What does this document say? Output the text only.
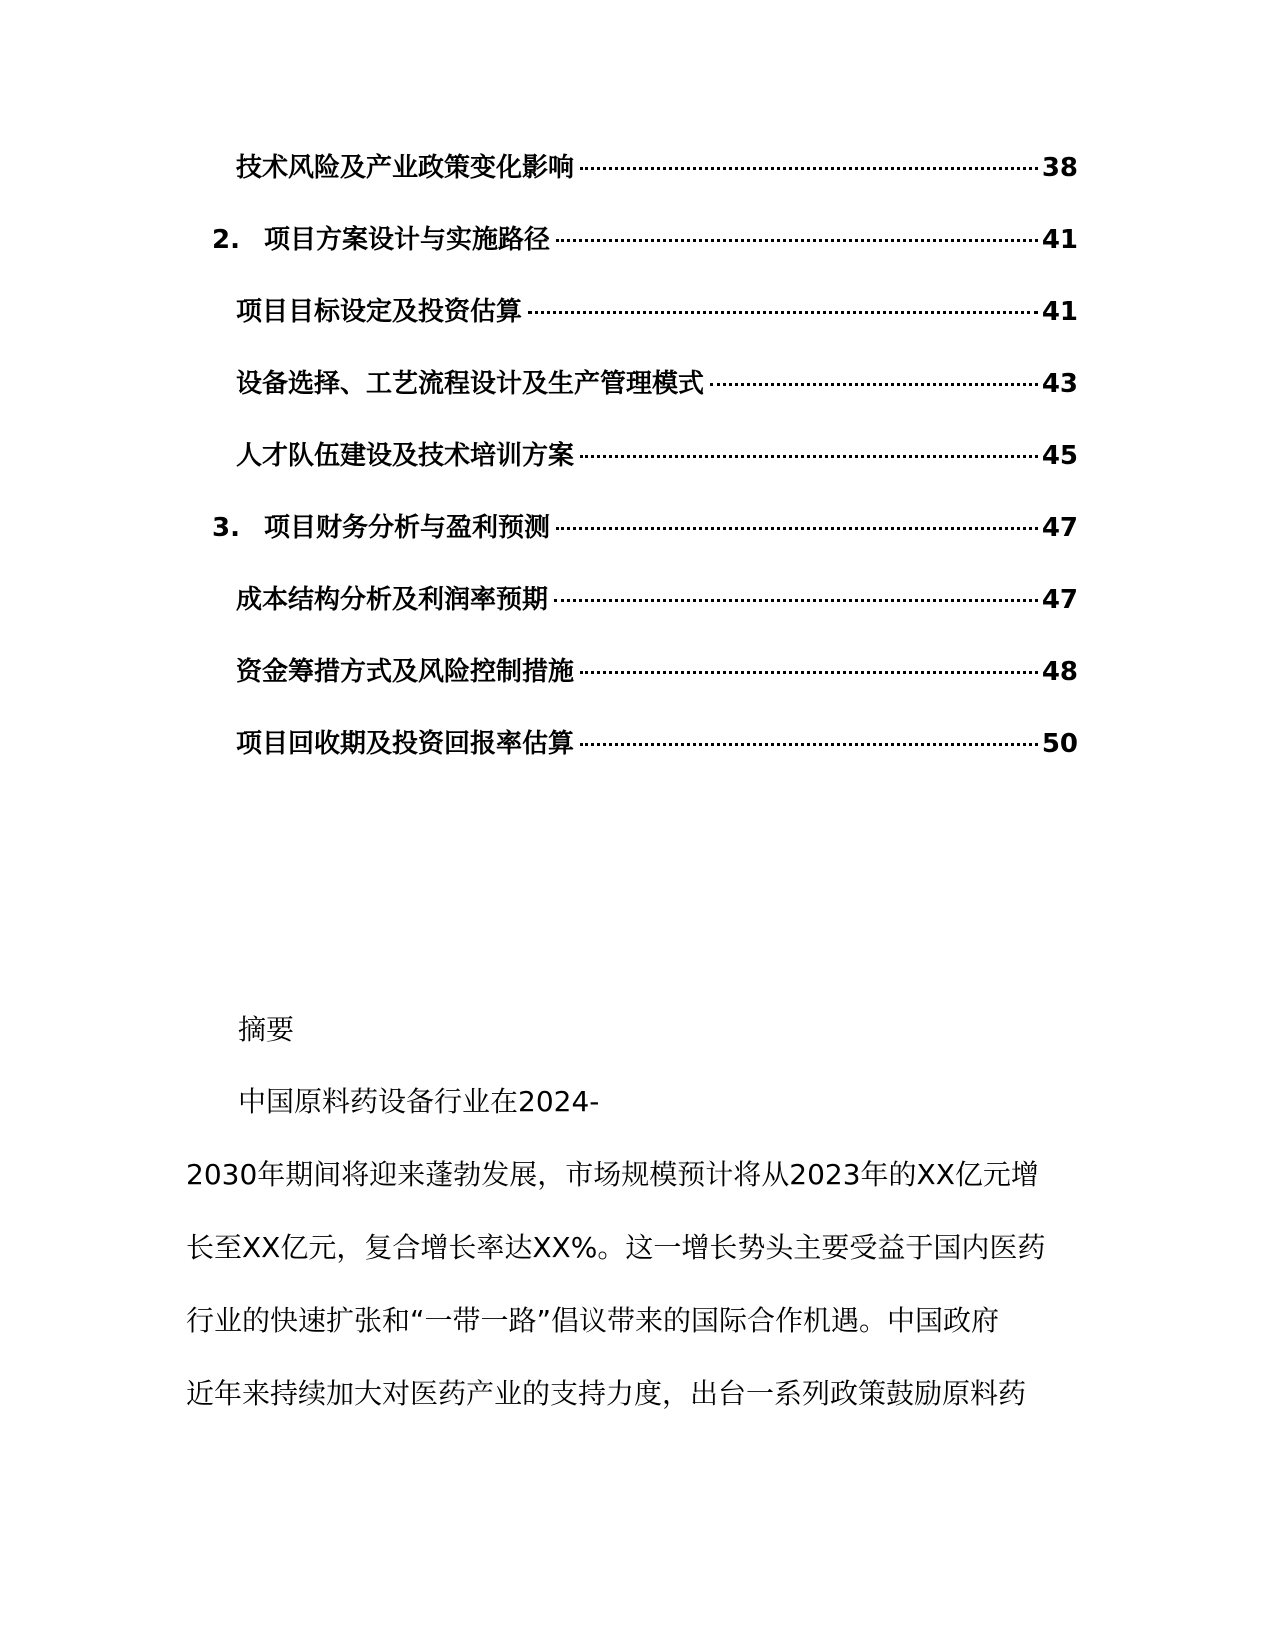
技术风险及产业政策变化影响	38
2. 项目方案设计与实施路径	41
项目目标设定及投资估算	41
设备选择、工艺流程设计及生产管理模式	43
人才队伍建设及技术培训方案	45
3. 项目财务分析与盈利预测	47
成本结构分析及利润率预期	47
资金筹措方式及风险控制措施	48
项目回收期及投资回报率估算	50
摘要
中国原料药设备行业在2024-
2030年期间将迎来蓬勃发展，市场规模预计将从2023年的XX亿元增
长至XX亿元，复合增长率达XX%。这一增长势头主要受益于国内医药
行业的快速扩张和“一带一路”倡议带来的国际合作机遇。中国政府
近年来持续加大对医药产业的支持力度，出台一系列政策鼓励原料药
